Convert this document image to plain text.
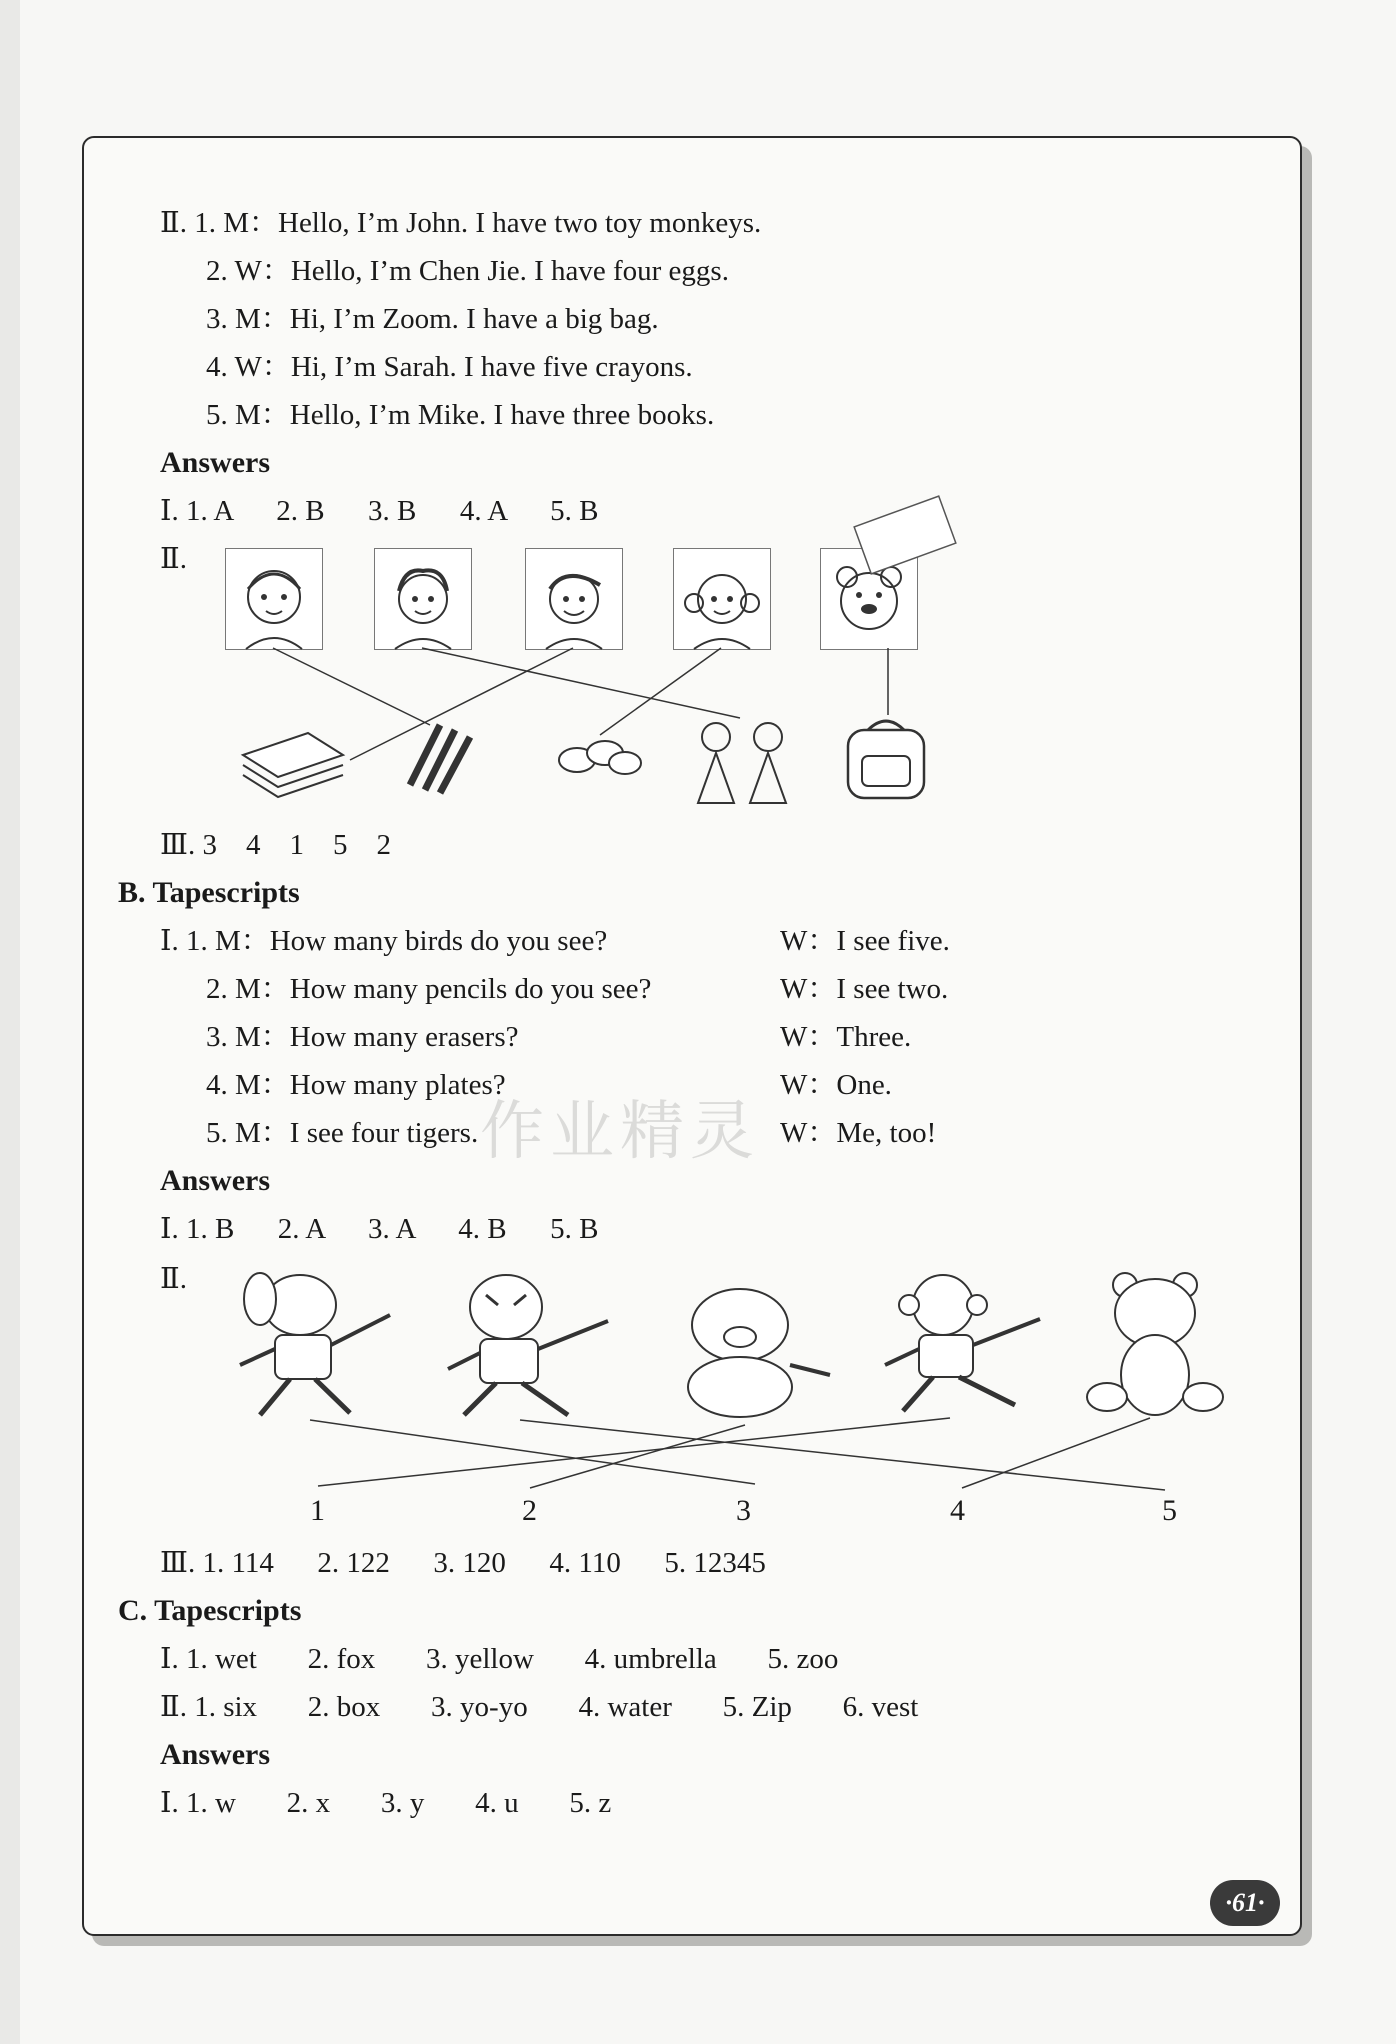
Ⅱ. 1. M：Hello, I’m John. I have two toy monkeys.
2. W：Hello, I’m Chen Jie. I have four eggs.
3. M：Hi, I’m Zoom. I have a big bag.
4. W：Hi, I’m Sarah. I have five crayons.
5. M：Hello, I’m Mike. I have three books.
Answers
Ⅰ. 1. A      2. B      3. B      4. A      5. B
Ⅱ.
Ⅲ. 3    4    1    5    2
B. Tapescripts
Ⅰ. 1. M：How many birds do you see?	W：I see five.
2. M：How many pencils do you see?	W：I see two.
3. M：How many erasers?	W：Three.
4. M：How many plates?	W：One.
5. M：I see four tigers.	W：Me, too!
Answers
Ⅰ. 1. B      2. A      3. A      4. B      5. B
Ⅱ.
1	2	3	4	5
Ⅲ. 1. 114      2. 122      3. 120      4. 110      5. 12345
C. Tapescripts
Ⅰ. 1. wet       2. fox       3. yellow       4. umbrella       5. zoo
Ⅱ. 1. six       2. box       3. yo-yo       4. water       5. Zip       6. vest
Answers
Ⅰ. 1. w       2. x       3. y       4. u       5. z
作业精灵
·61·
